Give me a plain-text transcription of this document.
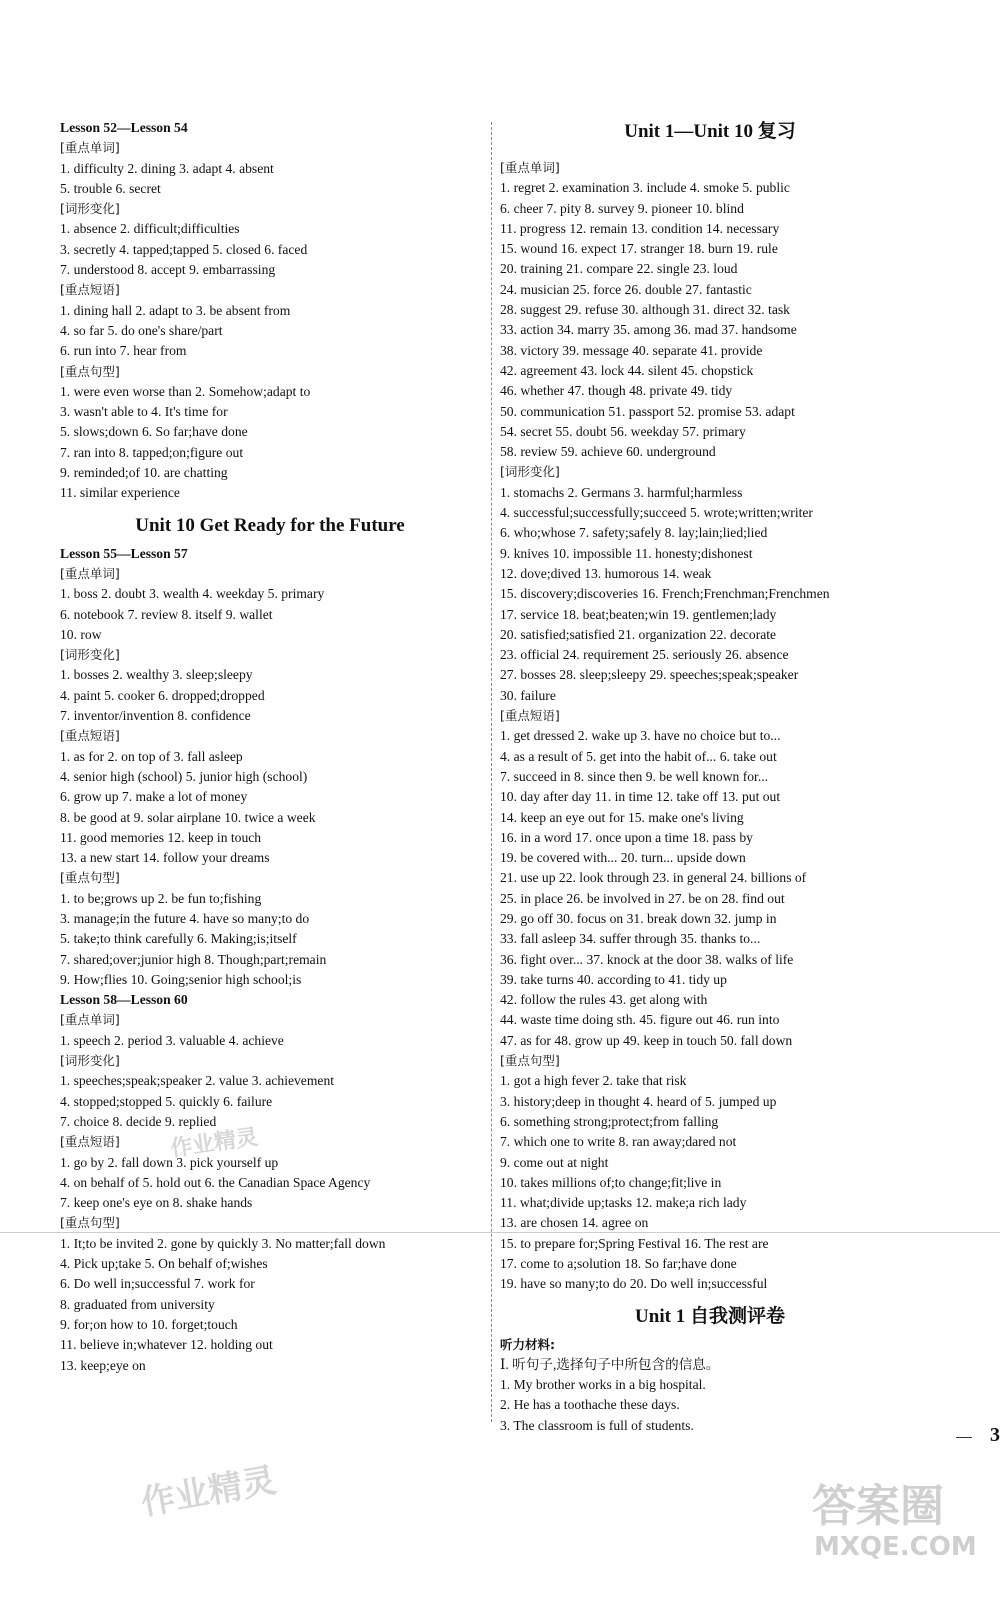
Lesson 52—Lesson 54
[重点单词]
1. difficulty 2. dining 3. adapt 4. absent
5. trouble 6. secret
[词形变化]
1. absence 2. difficult;difficulties
3. secretly 4. tapped;tapped 5. closed 6. faced
7. understood 8. accept 9. embarrassing
[重点短语]
1. dining hall 2. adapt to 3. be absent from
4. so far 5. do one's share/part
6. run into 7. hear from
[重点句型]
1. were even worse than 2. Somehow;adapt to
3. wasn't able to 4. It's time for
5. slows;down 6. So far;have done
7. ran into 8. tapped;on;figure out
9. reminded;of 10. are chatting
11. similar experience
Unit 10 Get Ready for the Future
Lesson 55—Lesson 57
[重点单词]
1. boss 2. doubt 3. wealth 4. weekday 5. primary
6. notebook 7. review 8. itself 9. wallet
10. row
[词形变化]
1. bosses 2. wealthy 3. sleep;sleepy
4. paint 5. cooker 6. dropped;dropped
7. inventor/invention 8. confidence
[重点短语]
1. as for 2. on top of 3. fall asleep
4. senior high (school) 5. junior high (school)
6. grow up 7. make a lot of money
8. be good at 9. solar airplane 10. twice a week
11. good memories 12. keep in touch
13. a new start 14. follow your dreams
[重点句型]
1. to be;grows up 2. be fun to;fishing
3. manage;in the future 4. have so many;to do
5. take;to think carefully 6. Making;is;itself
7. shared;over;junior high 8. Though;part;remain
9. How;flies 10. Going;senior high school;is
Lesson 58—Lesson 60
[重点单词]
1. speech 2. period 3. valuable 4. achieve
[词形变化]
1. speeches;speak;speaker 2. value 3. achievement
4. stopped;stopped 5. quickly 6. failure
7. choice 8. decide 9. replied
[重点短语]
1. go by 2. fall down 3. pick yourself up
4. on behalf of 5. hold out 6. the Canadian Space Agency
7. keep one's eye on 8. shake hands
[重点句型]
1. It;to be invited 2. gone by quickly 3. No matter;fall down
4. Pick up;take 5. On behalf of;wishes
6. Do well in;successful 7. work for
8. graduated from university
9. for;on how to 10. forget;touch
11. believe in;whatever 12. holding out
13. keep;eye on
Unit 1—Unit 10 复习
[重点单词]
1. regret 2. examination 3. include 4. smoke 5. public
6. cheer 7. pity 8. survey 9. pioneer 10. blind
11. progress 12. remain 13. condition 14. necessary
15. wound 16. expect 17. stranger 18. burn 19. rule
20. training 21. compare 22. single 23. loud
24. musician 25. force 26. double 27. fantastic
28. suggest 29. refuse 30. although 31. direct 32. task
33. action 34. marry 35. among 36. mad 37. handsome
38. victory 39. message 40. separate 41. provide
42. agreement 43. lock 44. silent 45. chopstick
46. whether 47. though 48. private 49. tidy
50. communication 51. passport 52. promise 53. adapt
54. secret 55. doubt 56. weekday 57. primary
58. review 59. achieve 60. underground
[词形变化]
1. stomachs 2. Germans 3. harmful;harmless
4. successful;successfully;succeed 5. wrote;written;writer
6. who;whose 7. safety;safely 8. lay;lain;lied;lied
9. knives 10. impossible 11. honesty;dishonest
12. dove;dived 13. humorous 14. weak
15. discovery;discoveries 16. French;Frenchman;Frenchmen
17. service 18. beat;beaten;win 19. gentlemen;lady
20. satisfied;satisfied 21. organization 22. decorate
23. official 24. requirement 25. seriously 26. absence
27. bosses 28. sleep;sleepy 29. speeches;speak;speaker
30. failure
[重点短语]
1. get dressed 2. wake up 3. have no choice but to...
4. as a result of 5. get into the habit of... 6. take out
7. succeed in 8. since then 9. be well known for...
10. day after day 11. in time 12. take off 13. put out
14. keep an eye out for 15. make one's living
16. in a word 17. once upon a time 18. pass by
19. be covered with... 20. turn... upside down
21. use up 22. look through 23. in general 24. billions of
25. in place 26. be involved in 27. be on 28. find out
29. go off 30. focus on 31. break down 32. jump in
33. fall asleep 34. suffer through 35. thanks to...
36. fight over... 37. knock at the door 38. walks of life
39. take turns 40. according to 41. tidy up
42. follow the rules 43. get along with
44. waste time doing sth. 45. figure out 46. run into
47. as for 48. grow up 49. keep in touch 50. fall down
[重点句型]
1. got a high fever 2. take that risk
3. history;deep in thought 4. heard of 5. jumped up
6. something strong;protect;from falling
7. which one to write 8. ran away;dared not
9. come out at night
10. takes millions of;to change;fit;live in
11. what;divide up;tasks 12. make;a rich lady
13. are chosen 14. agree on
15. to prepare for;Spring Festival 16. The rest are
17. come to a;solution 18. So far;have done
19. have so many;to do 20. Do well in;successful
Unit 1 自我测评卷
听力材料:
Ⅰ. 听句子,选择句子中所包含的信息。
1. My brother works in a big hospital.
2. He has a toothache these days.
3. The classroom is full of students.
作业精灵
作业精灵	答案圈
MXQE.COM
3
